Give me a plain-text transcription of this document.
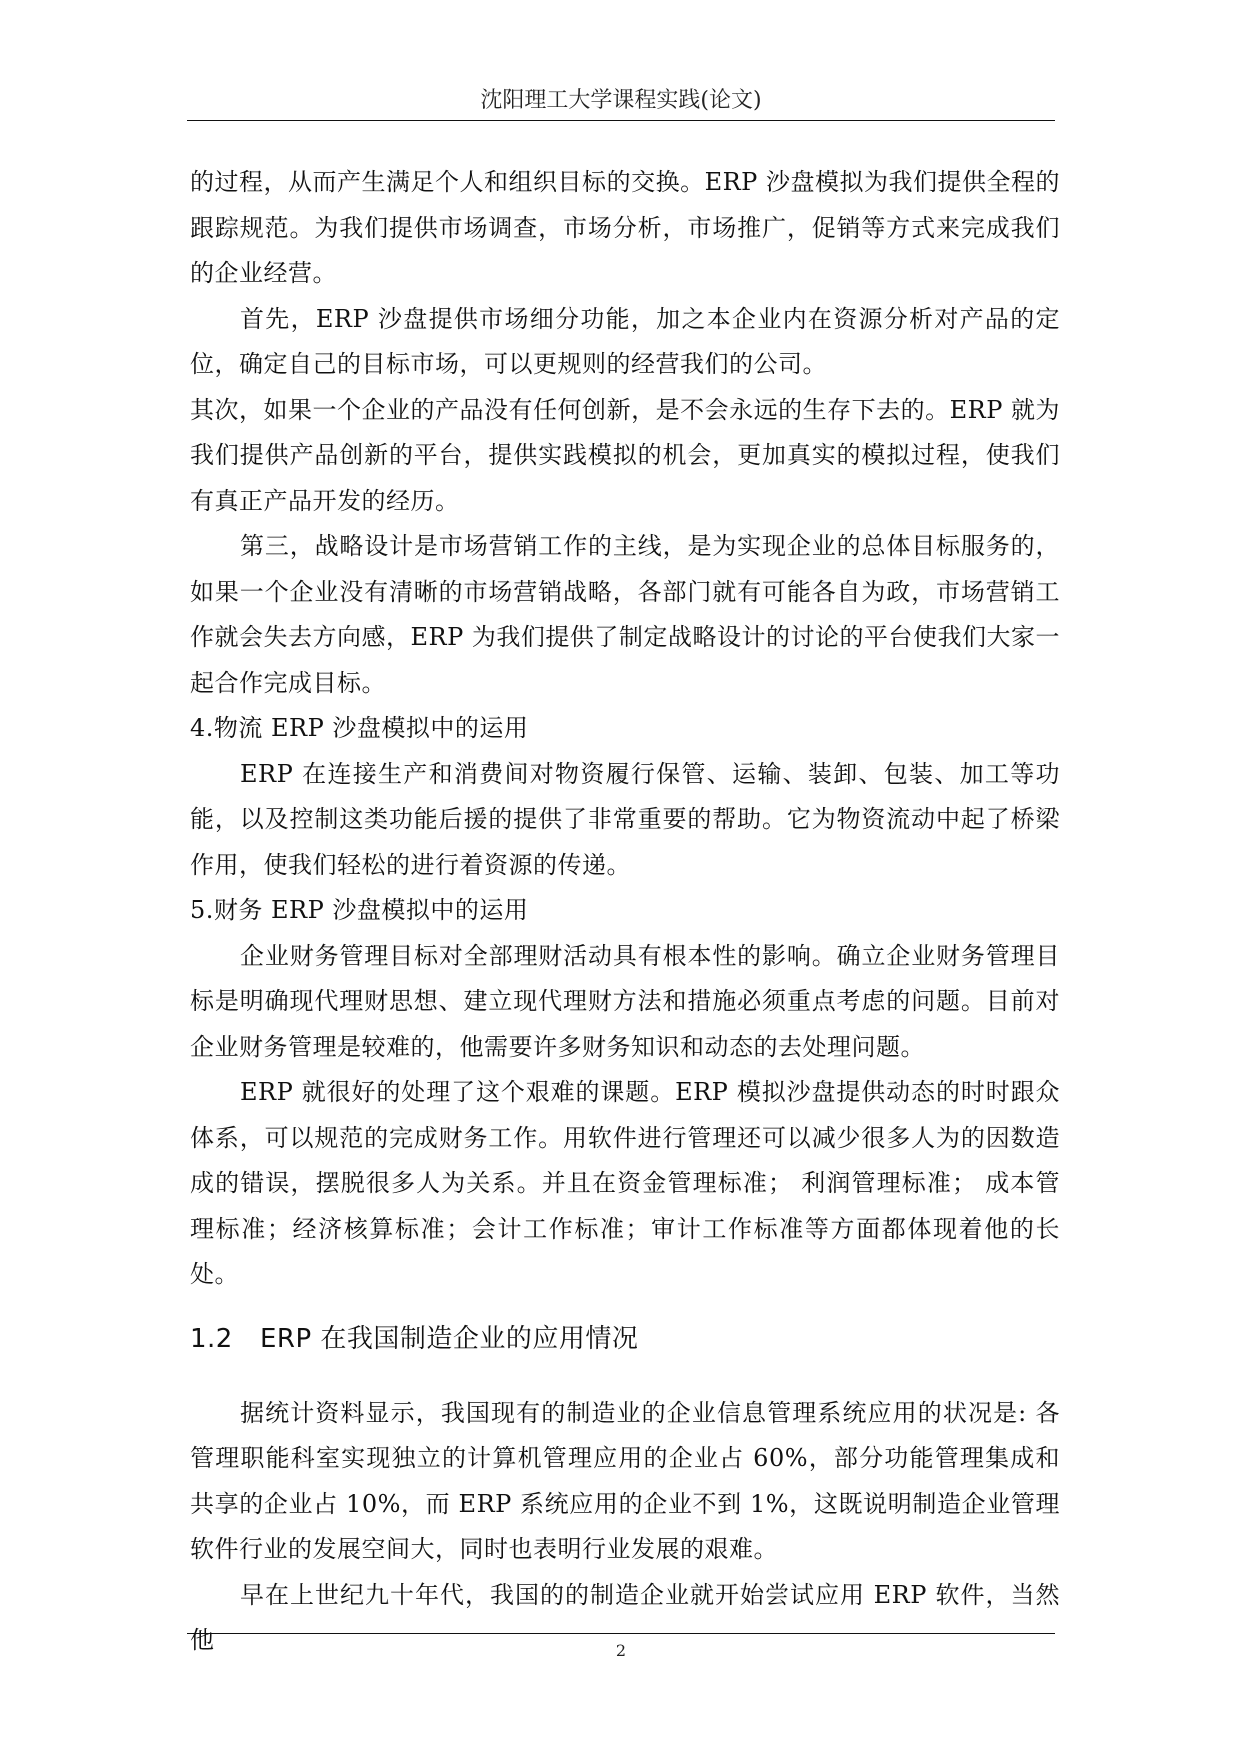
沈阳理工大学课程实践(论文)

的过程，从而产生满足个人和组织目标的交换。ERP 沙盘模拟为我们提供全程的跟踪规范。为我们提供市场调查，市场分析，市场推广，促销等方式来完成我们的企业经营。

首先，ERP 沙盘提供市场细分功能，加之本企业内在资源分析对产品的定位，确定自己的目标市场，可以更规则的经营我们的公司。

其次，如果一个企业的产品没有任何创新，是不会永远的生存下去的。ERP 就为我们提供产品创新的平台，提供实践模拟的机会，更加真实的模拟过程，使我们有真正产品开发的经历。

第三，战略设计是市场营销工作的主线，是为实现企业的总体目标服务的，如果一个企业没有清晰的市场营销战略，各部门就有可能各自为政，市场营销工作就会失去方向感，ERP 为我们提供了制定战略设计的讨论的平台使我们大家一起合作完成目标。

4.物流 ERP 沙盘模拟中的运用

ERP 在连接生产和消费间对物资履行保管、运输、装卸、包装、加工等功能，以及控制这类功能后援的提供了非常重要的帮助。它为物资流动中起了桥梁作用，使我们轻松的进行着资源的传递。

5.财务 ERP 沙盘模拟中的运用

企业财务管理目标对全部理财活动具有根本性的影响。确立企业财务管理目标是明确现代理财思想、建立现代理财方法和措施必须重点考虑的问题。目前对企业财务管理是较难的，他需要许多财务知识和动态的去处理问题。

ERP 就很好的处理了这个艰难的课题。ERP 模拟沙盘提供动态的时时跟众体系，可以规范的完成财务工作。用软件进行管理还可以减少很多人为的因数造成的错误，摆脱很多人为关系。并且在资金管理标准； 利润管理标准； 成本管理标准；经济核算标准；会计工作标准；审计工作标准等方面都体现着他的长处。

1.2 ERP 在我国制造企业的应用情况

据统计资料显示，我国现有的制造业的企业信息管理系统应用的状况是: 各管理职能科室实现独立的计算机管理应用的企业占 60%，部分功能管理集成和共享的企业占 10%，而 ERP 系统应用的企业不到 1%，这既说明制造企业管理软件行业的发展空间大，同时也表明行业发展的艰难。

早在上世纪九十年代，我国的的制造企业就开始尝试应用 ERP 软件，当然他	2
